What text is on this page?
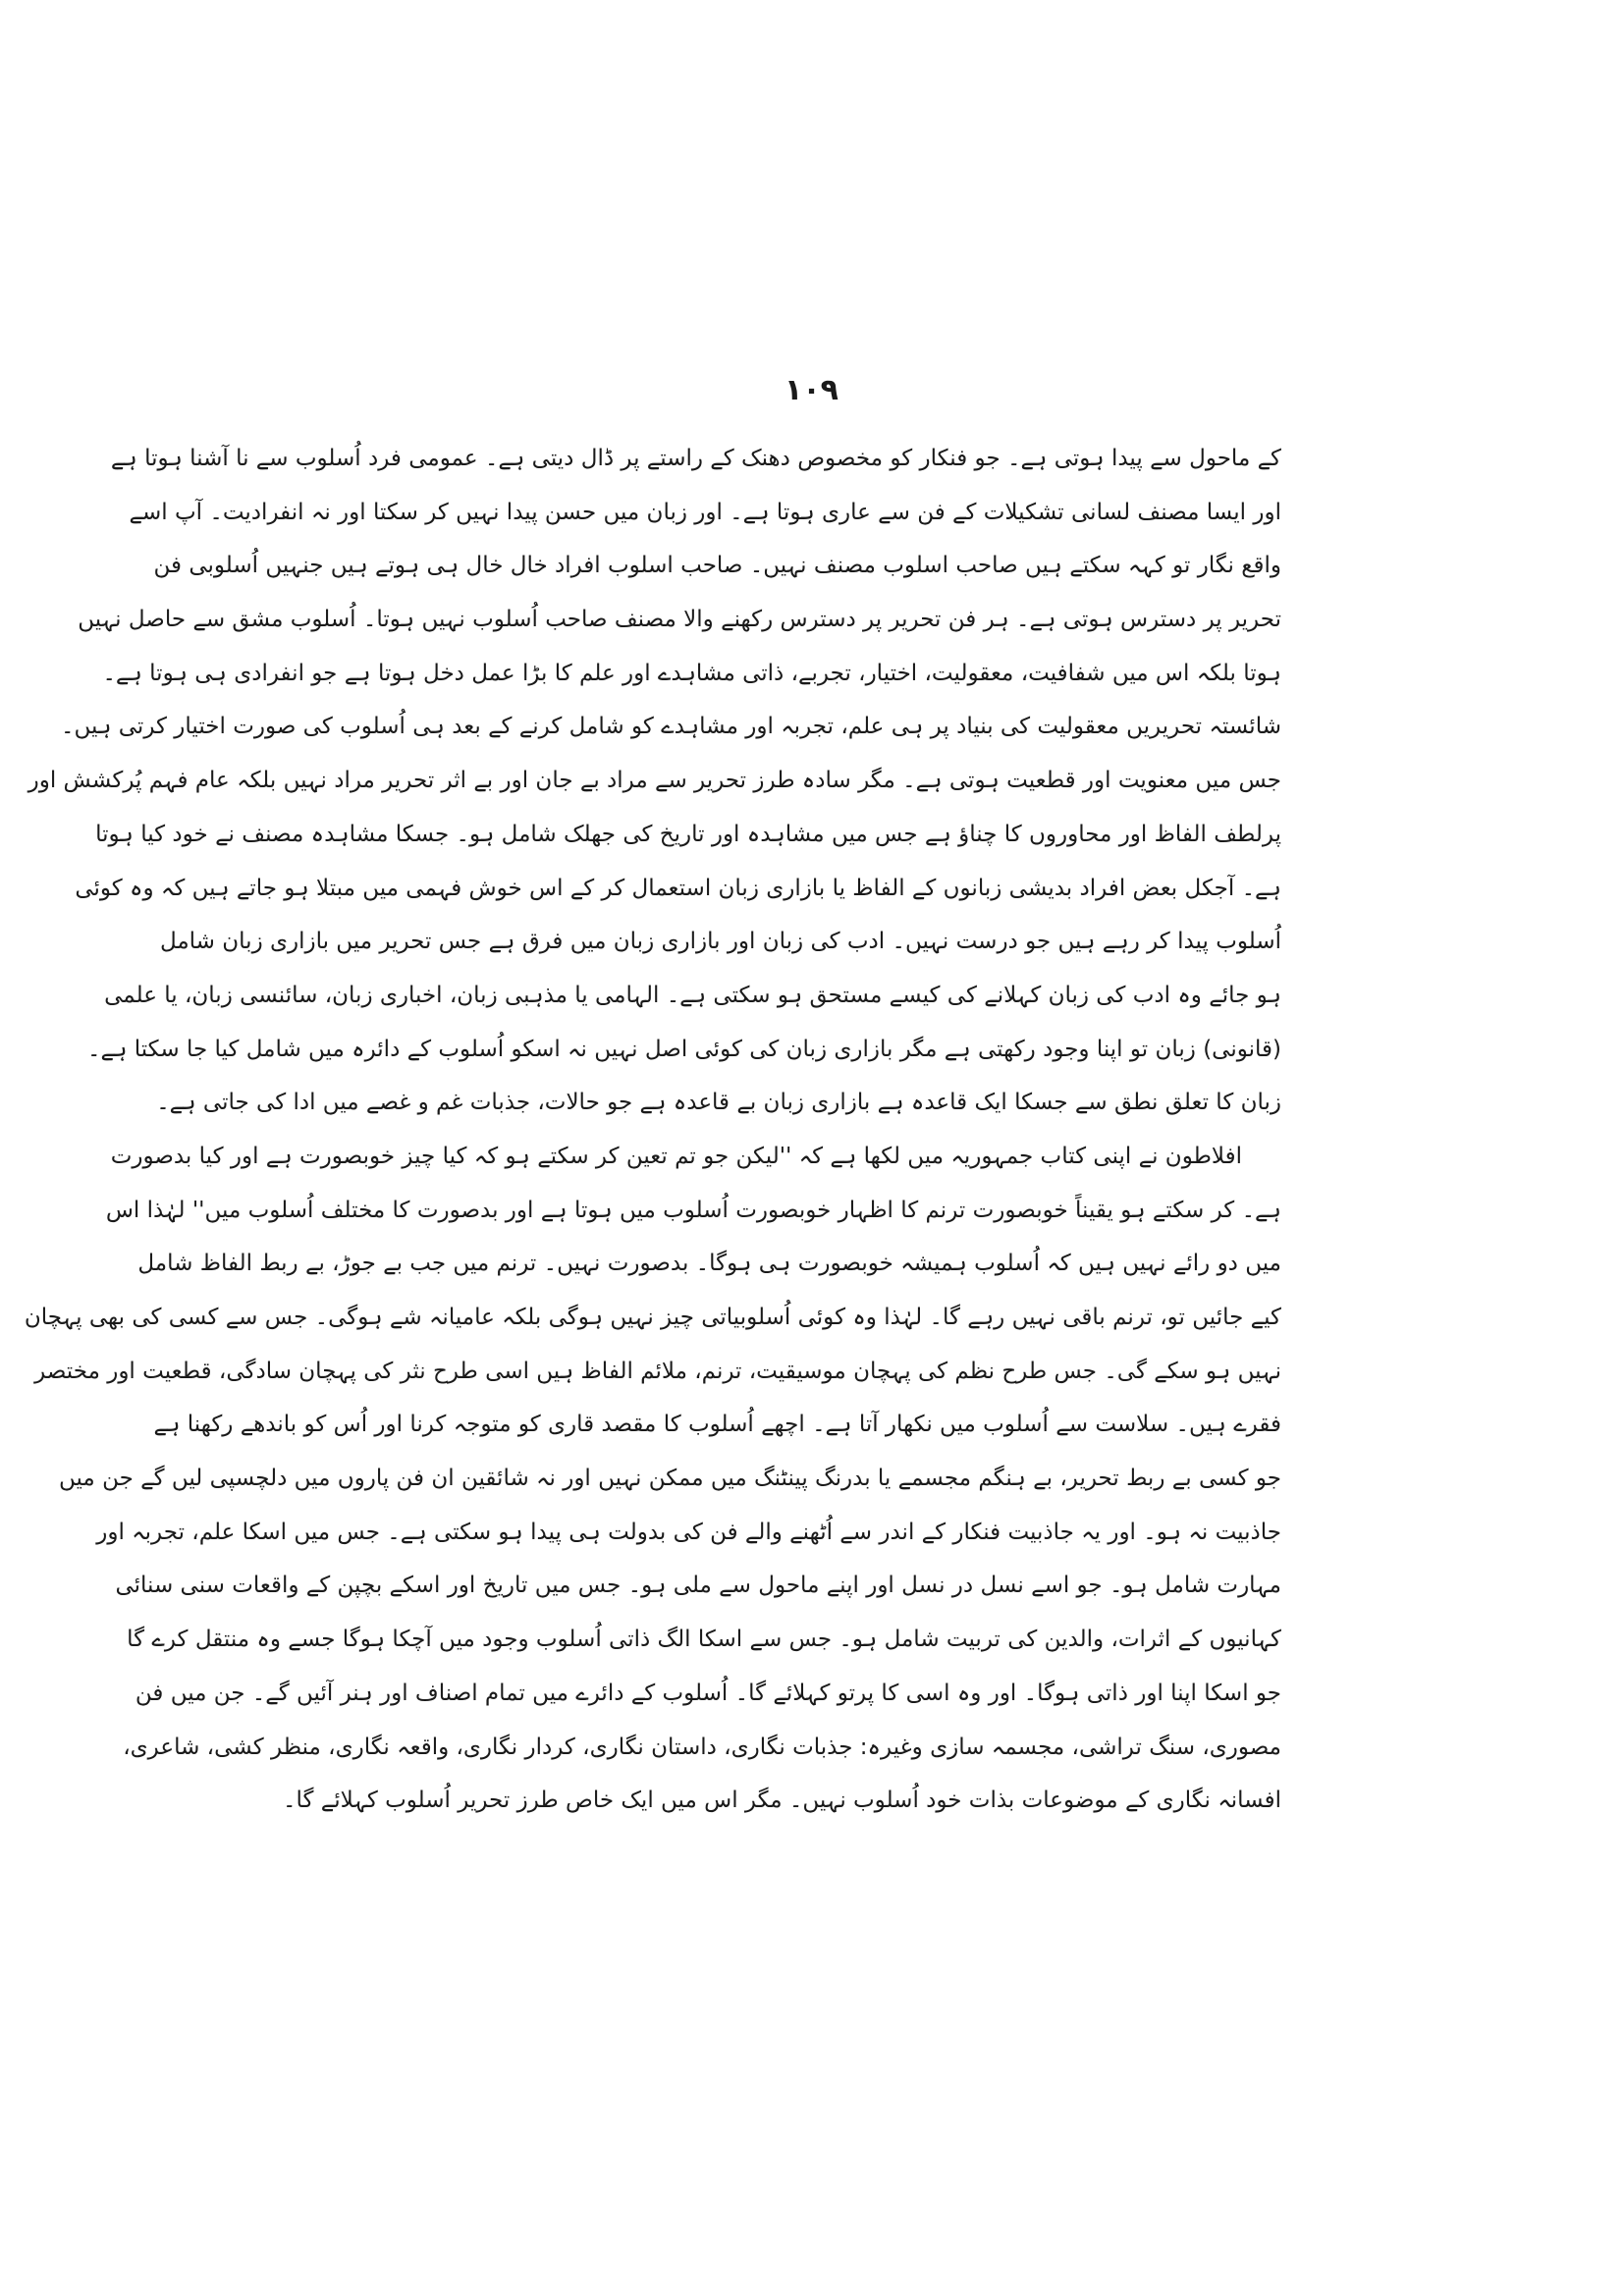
۱۰۹
کے ماحول سے پیدا ہوتی ہے۔ جو فنکار کو مخصوص دھنک کے راستے پر ڈال دیتی ہے۔ عمومی فرد اُسلوب سے نا آشنا ہوتا ہے
اور ایسا مصنف لسانی تشکیلات کے فن سے عاری ہوتا ہے۔ اور زبان میں حسن پیدا نہیں کر سکتا اور نہ انفرادیت۔ آپ اسے
واقع نگار تو کہہ سکتے ہیں صاحب اسلوب مصنف نہیں۔ صاحب اسلوب افراد خال خال ہی ہوتے ہیں جنہیں اُسلوبی فن
تحریر پر دسترس ہوتی ہے۔ ہر فن تحریر پر دسترس رکھنے والا مصنف صاحب اُسلوب نہیں ہوتا۔ اُسلوب مشق سے حاصل نہیں
ہوتا بلکہ اس میں شفافیت، معقولیت، اختیار، تجربے، ذاتی مشاہدے اور علم کا بڑا عمل دخل ہوتا ہے جو انفرادی ہی ہوتا ہے۔
شائستہ تحریریں معقولیت کی بنیاد پر ہی علم، تجربہ اور مشاہدے کو شامل کرنے کے بعد ہی اُسلوب کی صورت اختیار کرتی ہیں۔
جس میں معنویت اور قطعیت ہوتی ہے۔ مگر سادہ طرز تحریر سے مراد بے جان اور بے اثر تحریر مراد نہیں بلکہ عام فہم پُرکشش اور
پرلطف الفاظ اور محاوروں کا چناؤ ہے جس میں مشاہدہ اور تاریخ کی جھلک شامل ہو۔ جسکا مشاہدہ مصنف نے خود کیا ہوتا
ہے۔ آجکل بعض افراد بدیشی زبانوں کے الفاظ یا بازاری زبان استعمال کر کے اس خوش فہمی میں مبتلا ہو جاتے ہیں کہ وہ کوئی
اُسلوب پیدا کر رہے ہیں جو درست نہیں۔ ادب کی زبان اور بازاری زبان میں فرق ہے جس تحریر میں بازاری زبان شامل
ہو جائے وہ ادب کی زبان کہلانے کی کیسے مستحق ہو سکتی ہے۔ الہامی یا مذہبی زبان، اخباری زبان، سائنسی زبان، یا علمی
(قانونی) زبان تو اپنا وجود رکھتی ہے مگر بازاری زبان کی کوئی اصل نہیں نہ اسکو اُسلوب کے دائرہ میں شامل کیا جا سکتا ہے۔
زبان کا تعلق نطق سے جسکا ایک قاعدہ ہے بازاری زبان بے قاعدہ ہے جو حالات، جذبات غم و غصے میں ادا کی جاتی ہے۔
افلاطون نے اپنی کتاب جمہوریہ میں لکھا ہے کہ ''لیکن جو تم تعین کر سکتے ہو کہ کیا چیز خوبصورت ہے اور کیا بدصورت
ہے۔ کر سکتے ہو یقیناً خوبصورت ترنم کا اظہار خوبصورت اُسلوب میں ہوتا ہے اور بدصورت کا مختلف اُسلوب میں'' لہٰذا اس
میں دو رائے نہیں ہیں کہ اُسلوب ہمیشہ خوبصورت ہی ہوگا۔ بدصورت نہیں۔ ترنم میں جب بے جوڑ، بے ربط الفاظ شامل
کیے جائیں تو، ترنم باقی نہیں رہے گا۔ لہٰذا وہ کوئی اُسلوبیاتی چیز نہیں ہوگی بلکہ عامیانہ شے ہوگی۔ جس سے کسی کی بھی پہچان
نہیں ہو سکے گی۔ جس طرح نظم کی پہچان موسیقیت، ترنم، ملائم الفاظ ہیں اسی طرح نثر کی پہچان سادگی، قطعیت اور مختصر
فقرے ہیں۔ سلاست سے اُسلوب میں نکھار آتا ہے۔ اچھے اُسلوب کا مقصد قاری کو متوجہ کرنا اور اُس کو باندھے رکھنا ہے
جو کسی بے ربط تحریر، بے ہنگم مجسمے یا بدرنگ پینٹنگ میں ممکن نہیں اور نہ شائقین ان فن پاروں میں دلچسپی لیں گے جن میں
جاذبیت نہ ہو۔ اور یہ جاذبیت فنکار کے اندر سے اُٹھنے والے فن کی بدولت ہی پیدا ہو سکتی ہے۔ جس میں اسکا علم، تجربہ اور
مہارت شامل ہو۔ جو اسے نسل در نسل اور اپنے ماحول سے ملی ہو۔ جس میں تاریخ اور اسکے بچپن کے واقعات سنی سنائی
کہانیوں کے اثرات، والدین کی تربیت شامل ہو۔ جس سے اسکا الگ ذاتی اُسلوب وجود میں آچکا ہوگا جسے وہ منتقل کرے گا
جو اسکا اپنا اور ذاتی ہوگا۔ اور وہ اسی کا پرتو کہلائے گا۔ اُسلوب کے دائرے میں تمام اصناف اور ہنر آئیں گے۔ جن میں فن
مصوری، سنگ تراشی، مجسمہ سازی وغیرہ: جذبات نگاری، داستان نگاری، کردار نگاری، واقعہ نگاری، منظر کشی، شاعری،
افسانہ نگاری کے موضوعات بذات خود اُسلوب نہیں۔ مگر اس میں ایک خاص طرز تحریر اُسلوب کہلائے گا۔
